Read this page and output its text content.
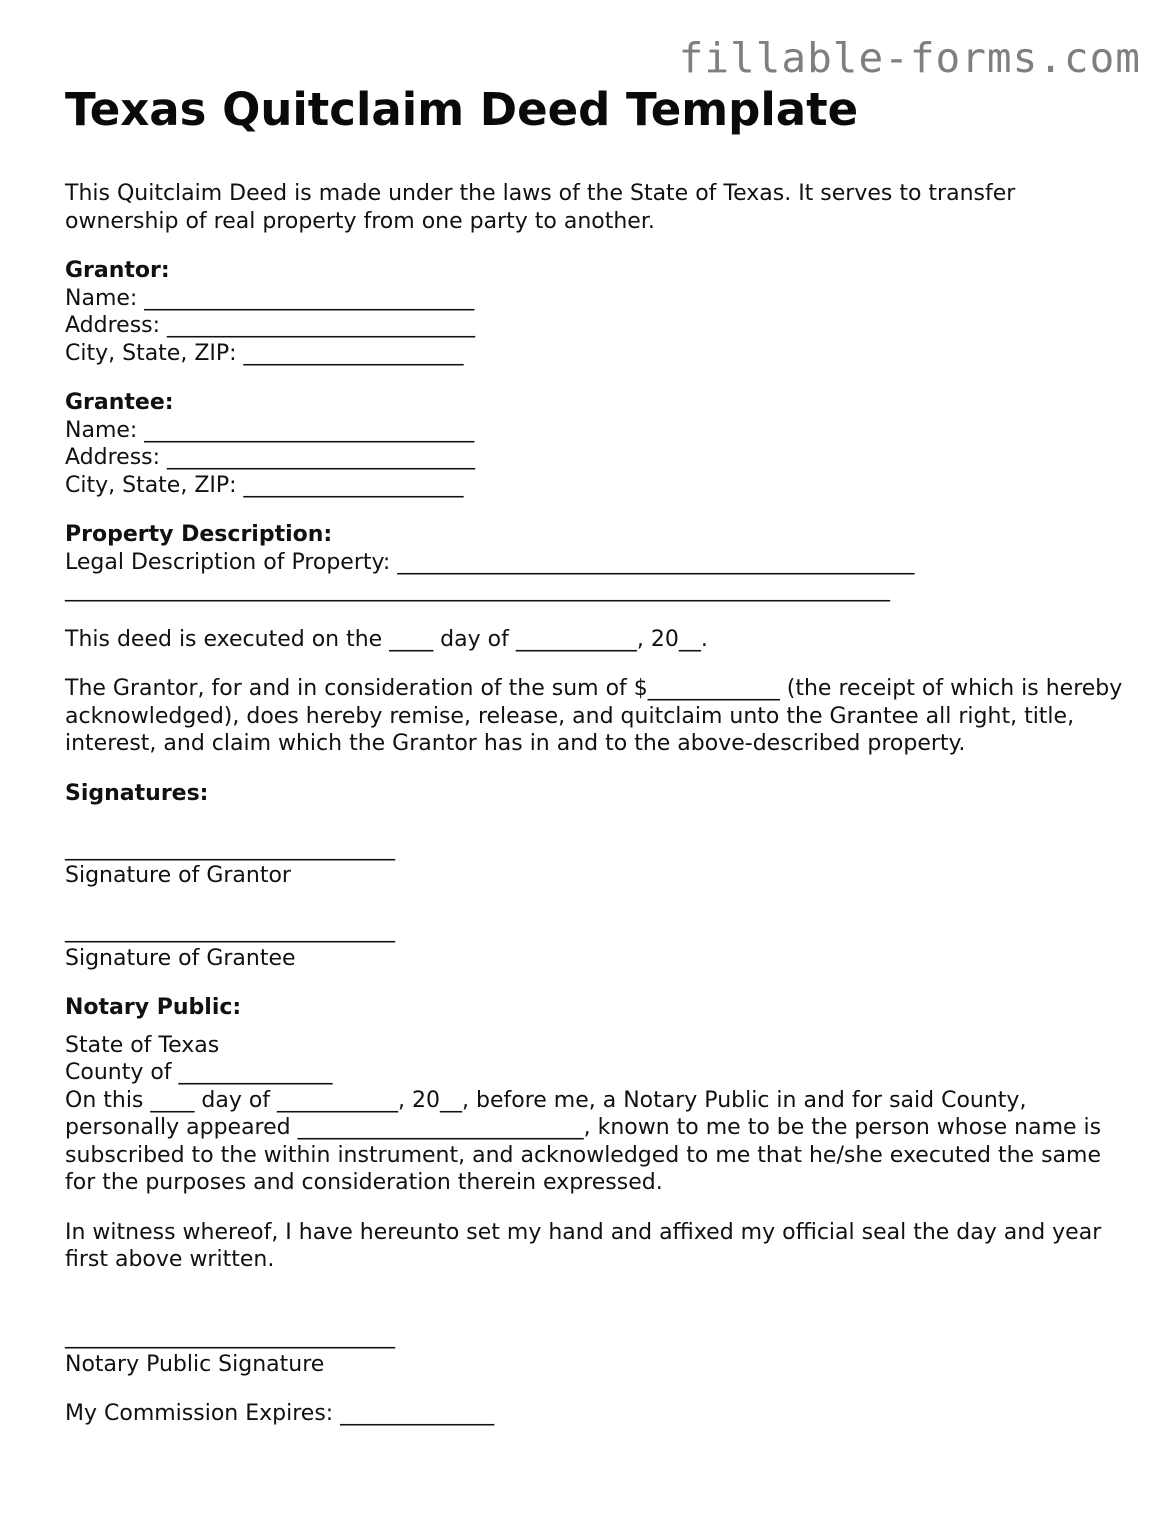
fillable-forms.com
Texas Quitclaim Deed Template

This Quitclaim Deed is made under the laws of the State of Texas. It serves to transfer ownership of real property from one party to another.

Grantor:
Name: ______________________________
Address: ____________________________
City, State, ZIP: ____________________
Grantee:
Name: ______________________________
Address: ____________________________
City, State, ZIP: ____________________
Property Description:
Legal Description of Property: _______________________________________________
___________________________________________________________________________

This deed is executed on the ____ day of ___________, 20__.

The Grantor, for and in consideration of the sum of $____________ (the receipt of which is hereby acknowledged), does hereby remise, release, and quitclaim unto the Grantee all right, title, interest, and claim which the Grantor has in and to the above-described property.

Signatures:
______________________________
Signature of Grantor
______________________________
Signature of Grantee
Notary Public:
State of Texas
County of ______________

On this ____ day of ___________, 20__, before me, a Notary Public in and for said County, personally appeared __________________________, known to me to be the person whose name is subscribed to the within instrument, and acknowledged to me that he/she executed the same for the purposes and consideration therein expressed.

In witness whereof, I have hereunto set my hand and affixed my official seal the day and year first above written.

______________________________

Notary Public Signature

My Commission Expires: ______________
